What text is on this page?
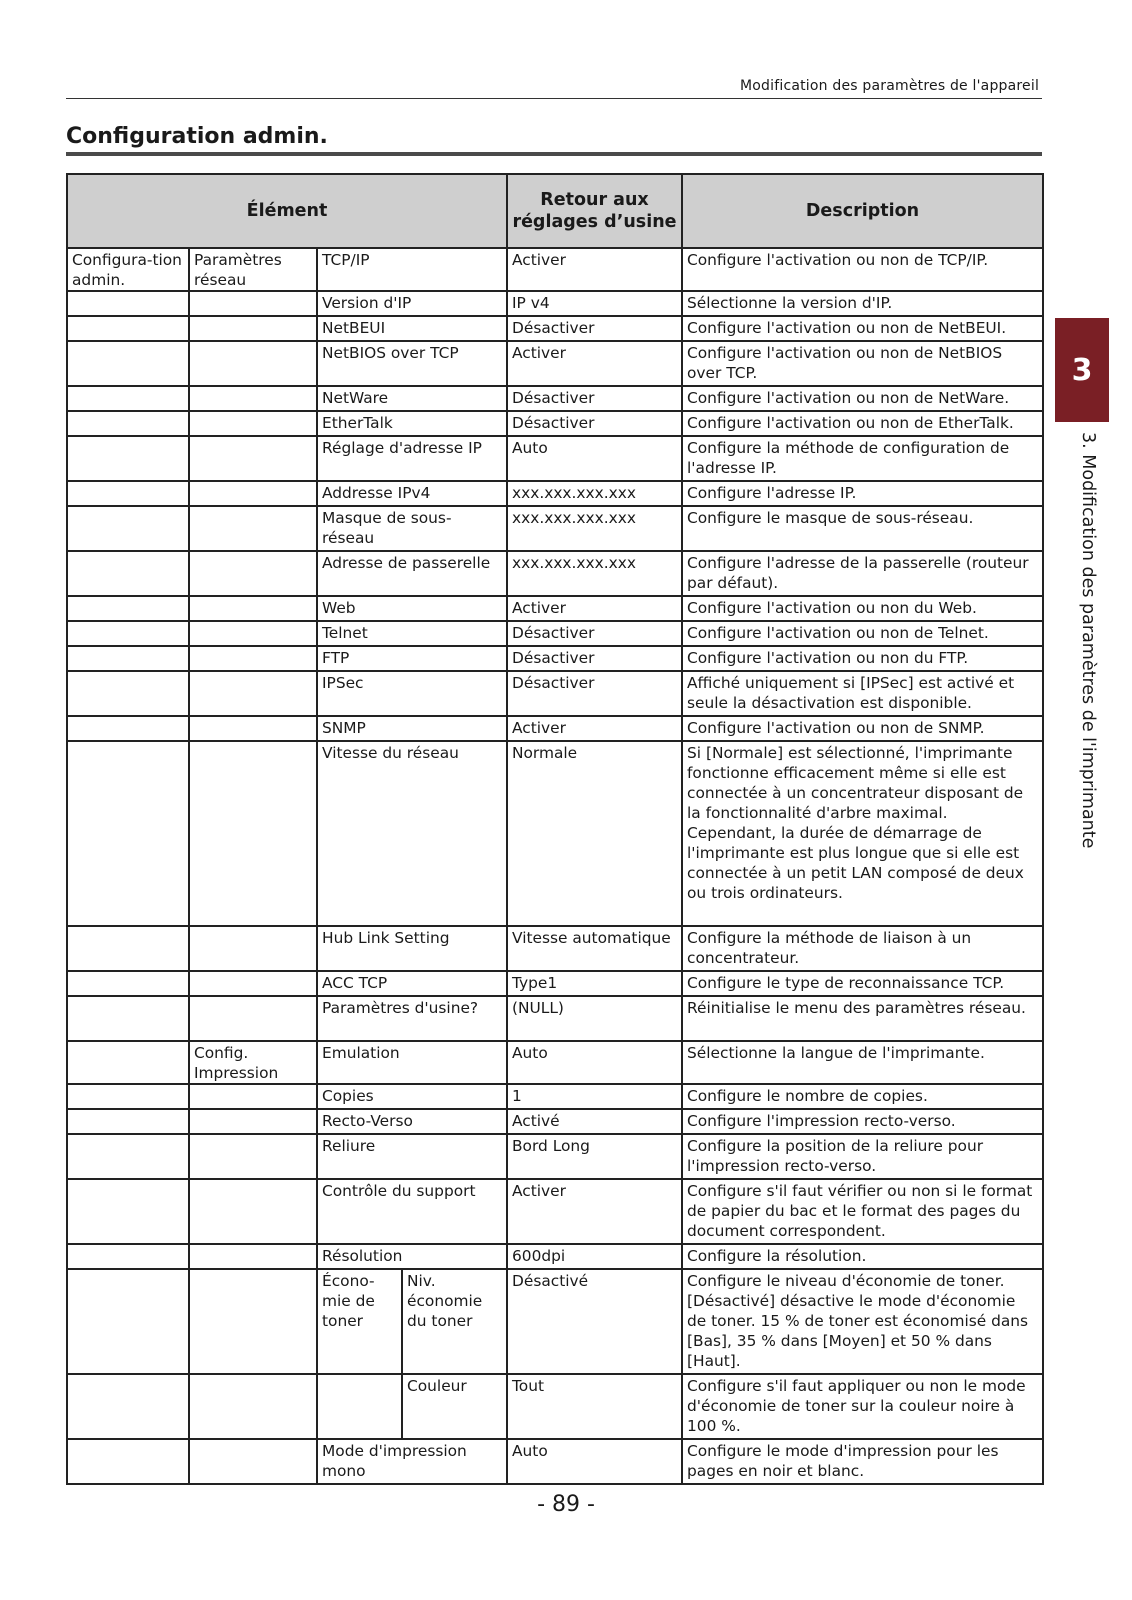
Modification des paramètres de l'appareil
Configuration admin.
Élément				Retour aux réglages d’usine	Description
Configura-tion admin.	Paramètres réseau	TCP/IP		Activer	Configure l'activation ou non de TCP/IP.
		Version d'IP		IP v4	Sélectionne la version d'IP.
		NetBEUI		Désactiver	Configure l'activation ou non de NetBEUI.
		NetBIOS over TCP		Activer	Configure l'activation ou non de NetBIOS over TCP.
		NetWare		Désactiver	Configure l'activation ou non de NetWare.
		EtherTalk		Désactiver	Configure l'activation ou non de EtherTalk.
		Réglage d'adresse IP		Auto	Configure la méthode de configuration de l'adresse IP.
		Addresse IPv4		xxx.xxx.xxx.xxx	Configure l'adresse IP.
		Masque de sous-réseau		xxx.xxx.xxx.xxx	Configure le masque de sous-réseau.
		Adresse de passerelle		xxx.xxx.xxx.xxx	Configure l'adresse de la passerelle (routeur par défaut).
		Web		Activer	Configure l'activation ou non du Web.
		Telnet		Désactiver	Configure l'activation ou non de Telnet.
		FTP		Désactiver	Configure l'activation ou non du FTP.
		IPSec		Désactiver	Affiché uniquement si [IPSec] est activé et seule la désactivation est disponible.
		SNMP		Activer	Configure l'activation ou non de SNMP.
		Vitesse du réseau		Normale	Si [Normale] est sélectionné, l'imprimante fonctionne efficacement même si elle est connectée à un concentrateur disposant de la fonctionnalité d'arbre maximal. Cependant, la durée de démarrage de l'imprimante est plus longue que si elle est connectée à un petit LAN composé de deux ou trois ordinateurs.
		Hub Link Setting		Vitesse automatique	Configure la méthode de liaison à un concentrateur.
		ACC TCP		Type1	Configure le type de reconnaissance TCP.
		Paramètres d'usine?		(NULL)	Réinitialise le menu des paramètres réseau.
	Config. Impression	Emulation		Auto	Sélectionne la langue de l'imprimante.
		Copies		1	Configure le nombre de copies.
		Recto-Verso		Activé	Configure l'impression recto-verso.
		Reliure		Bord Long	Configure la position de la reliure pour l'impression recto-verso.
		Contrôle du support		Activer	Configure s'il faut vérifier ou non si le format de papier du bac et le format des pages du document correspondent.
		Résolution		600dpi	Configure la résolution.
		Écono-mie de toner	Niv. économie du toner	Désactivé	Configure le niveau d'économie de toner. [Désactivé] désactive le mode d'économie de toner. 15 % de toner est économisé dans [Bas], 35 % dans [Moyen] et 50 % dans [Haut].
			Couleur	Tout	Configure s'il faut appliquer ou non le mode d'économie de toner sur la couleur noire à 100 %.
		Mode d'impression mono		Auto	Configure le mode d'impression pour les pages en noir et blanc.
3
3. Modification des paramètres de l'imprimante
- 89 -
